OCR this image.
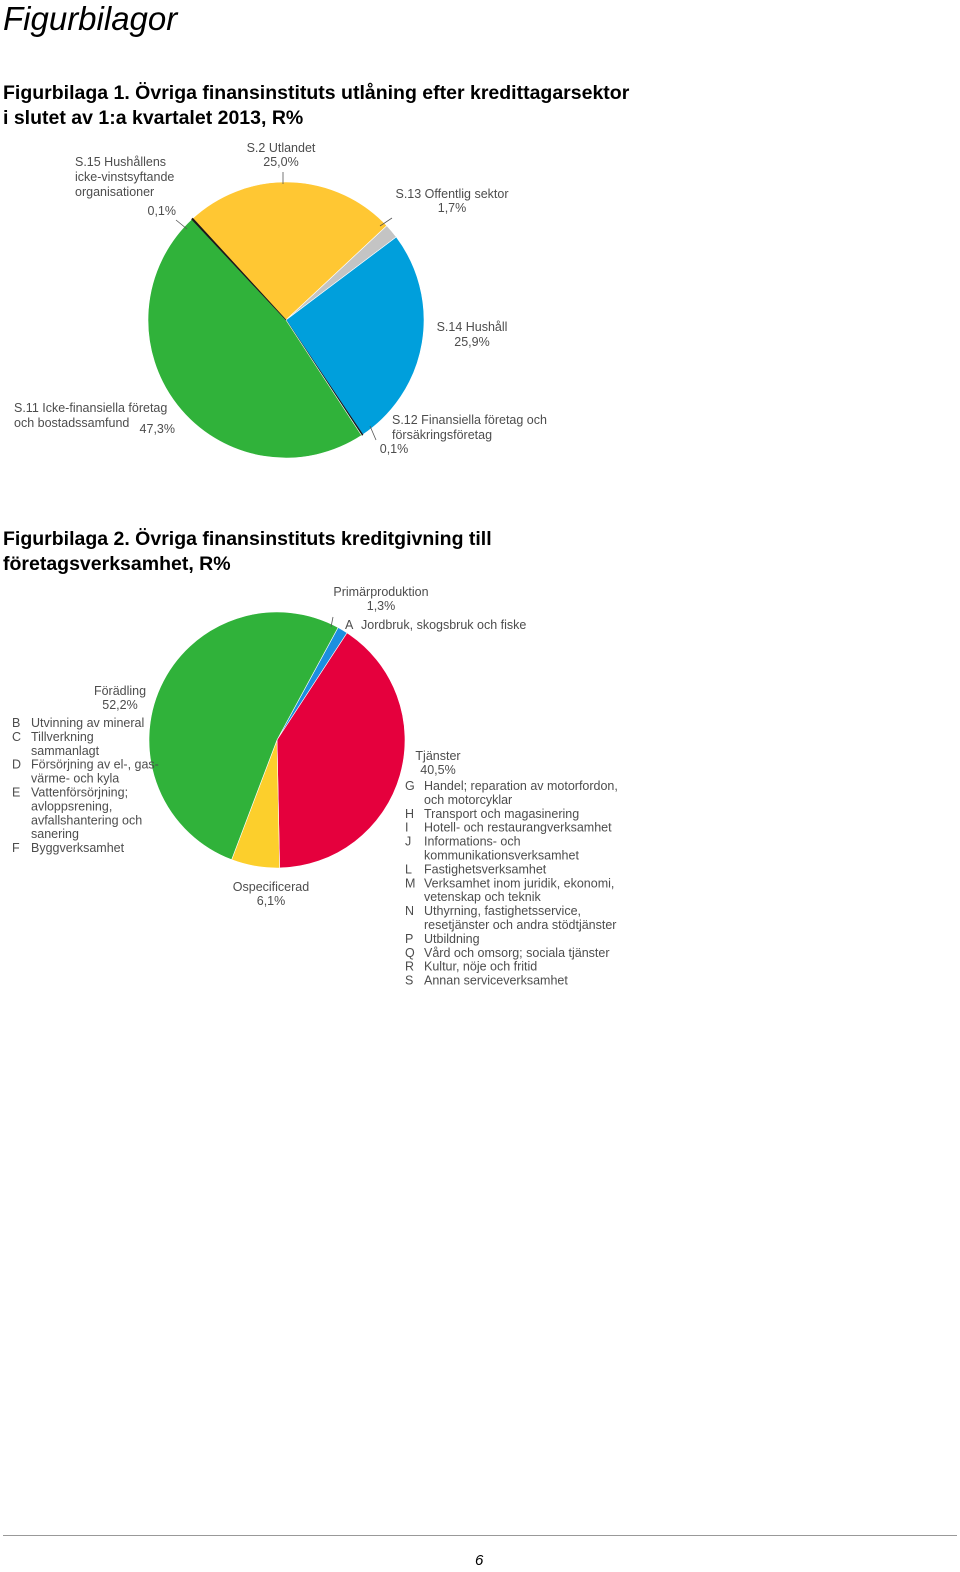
Figurbilagor
Figurbilaga 1. Övriga finansinstituts utlåning efter kredittagarsektor
i slutet av 1:a kvartalet 2013, R%
S.2 Utlandet
25,0%
S.13 Offentlig sektor
1,7%
S.14 Hushåll
25,9%
S.12 Finansiella företag och försäkringsföretag
0,1%
S.11 Icke-finansiella företag och bostadssamfund 47,3%
S.15 Hushållens icke-vinstsyftande organisationer
0,1%
Figurbilaga 2. Övriga finansinstituts kreditgivning till
företagsverksamhet, R%
Primärproduktion
1,3%
A Jordbruk, skogsbruk och fiske
Tjänster
40,5%
G Handel; reparation av motorfordon,
och motorcyklar
H Transport och magasinering
I Hotell- och restaurangverksamhet
J Informations- och
kommunikationsverksamhet
L Fastighetsverksamhet
M Verksamhet inom juridik, ekonomi,
vetenskap och teknik
N Uthyrning, fastighetsservice,
resetjänster och andra stödtjänster
P Utbildning
Q Vård och omsorg; sociala tjänster
R Kultur, nöje och fritid
S Annan serviceverksamhet
Ospecificerad
6,1%
Förädling
52,2%
B Utvinning av mineral
C Tillverkning
sammanlagt
D Försörjning av el-, gas-
värme- och kyla
E Vattenförsörjning;
avloppsrening,
avfallshantering och
sanering
F Byggverksamhet
6
